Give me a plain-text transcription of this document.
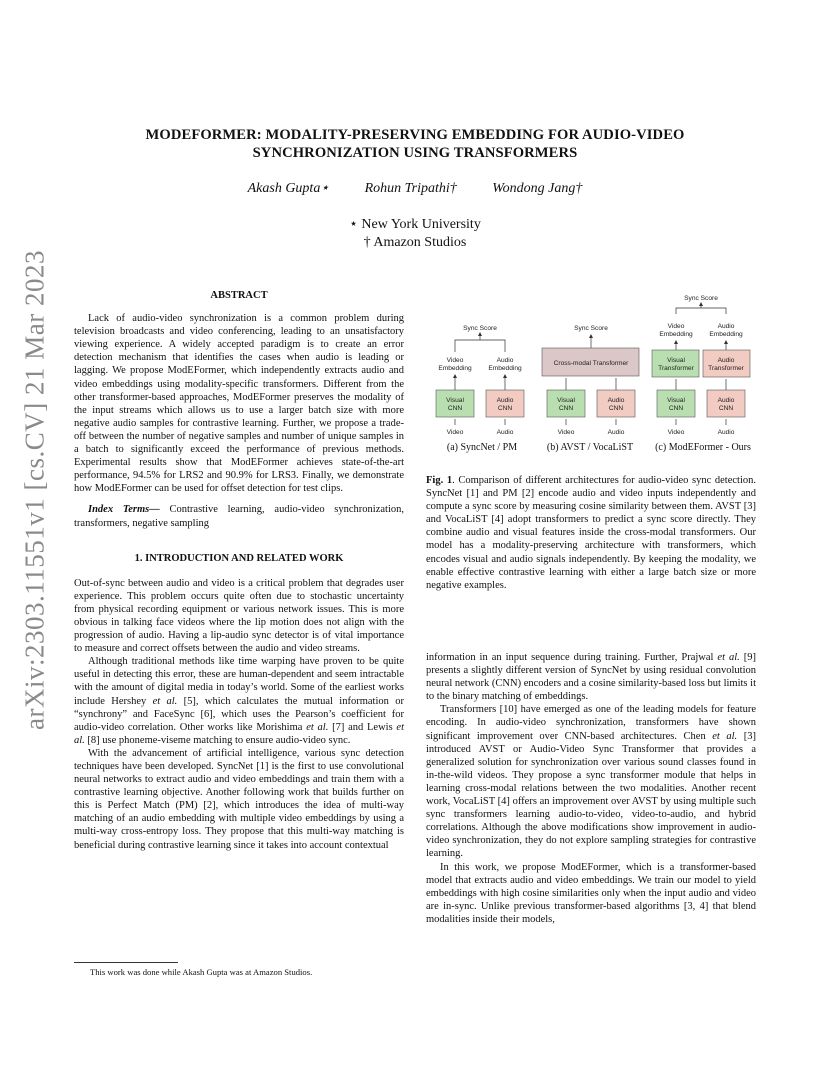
arXiv:2303.11551v1 [cs.CV] 21 Mar 2023
MODEFORMER: MODALITY-PRESERVING EMBEDDING FOR AUDIO-VIDEO
SYNCHRONIZATION USING TRANSFORMERS
Akash Gupta⋆	Rohun Tripathi†	Wondong Jang†
⋆ New York University
† Amazon Studios
ABSTRACT

Lack of audio-video synchronization is a common problem during television broadcasts and video conferencing, leading to an unsatisfactory viewing experience. A widely accepted paradigm is to create an error detection mechanism that identifies the cases when audio is leading or lagging. We propose ModEFormer, which independently extracts audio and video embeddings using modality-specific transformers. Different from the other transformer-based approaches, ModEFormer preserves the modality of the input streams which allows us to use a larger batch size with more negative audio samples for contrastive learning. Further, we propose a trade-off between the number of negative samples and number of unique samples in a batch to significantly exceed the performance of previous methods. Experimental results show that ModEFormer achieves state-of-the-art performance, 94.5% for LRS2 and 90.9% for LRS3. Finally, we demonstrate how ModEFormer can be used for offset detection for test clips.

Index Terms— Contrastive learning, audio-video synchronization, transformers, negative sampling

1. INTRODUCTION AND RELATED WORK

Out-of-sync between audio and video is a critical problem that degrades user experience. This problem occurs quite often due to stochastic uncertainty from physical recording equipment or various network issues. This is more obvious in talking face videos where the lip motion does not align with the progression of audio. Having a lip-audio sync detector is of vital importance to measure and correct offsets between the audio and video streams.

Although traditional methods like time warping have proven to be quite useful in detecting this error, these are human-dependent and seem intractable with the amount of digital media in today’s world. Some of the earliest works include Hershey et al. [5], which calculates the mutual information or “synchrony” and FaceSync [6], which uses the Pearson’s coefficient for audio-video correlation. Other works like Morishima et al. [7] and Lewis et al. [8] use phoneme-viseme matching to ensure audio-video sync.

With the advancement of artificial intelligence, various sync detection techniques have been developed. SyncNet [1] is the first to use convolutional neural networks to extract audio and video embeddings and train them with a contrastive learning objective. Another following work that builds further on this is Perfect Match (PM) [2], which introduces the idea of multi-way matching of an audio embedding with multiple video embeddings by using a multi-way cross-entropy loss. They propose that this multi-way matching is beneficial during contrastive learning since it takes into account contextual

This work was done while Akash Gupta was at Amazon Studios.
Sync Score
Video
Embedding
Audio
Embedding
Visual
CNN
Audio
CNN
Video	Audio
Sync Score
Cross-modal Transformer
Visual
CNN
Audio
CNN
Video	Audio
Sync Score
Video
Embedding
Audio
Embedding
Visual
Transformer
Audio
Transformer
Visual
CNN
Audio
CNN
Video	Audio
(a) SyncNet / PM	(b) AVST / VocaLiST	(c) ModEFormer - Ours
Fig. 1. Comparison of different architectures for audio-video sync detection. SyncNet [1] and PM [2] encode audio and video inputs independently and compute a sync score by measuring cosine similarity between them. AVST [3] and VocaLiST [4] adopt transformers to predict a sync score directly. They combine audio and visual features inside the cross-modal transformers. Our model has a modality-preserving architecture with transformers, which encodes visual and audio signals independently. By keeping the modality, we enable effective contrastive learning with either a large batch size or more negative examples.

information in an input sequence during training. Further, Prajwal et al. [9] presents a slightly different version of SyncNet by using residual convolution neural network (CNN) encoders and a cosine similarity-based loss but limits it to the binary matching of embeddings.

Transformers [10] have emerged as one of the leading models for feature encoding. In audio-video synchronization, transformers have shown significant improvement over CNN-based architectures. Chen et al. [3] introduced AVST or Audio-Video Sync Transformer that provides a generalized solution for synchronization over various sound classes found in in-the-wild videos. They propose a sync transformer module that helps in learning cross-modal relations between the two modalities. Another recent work, VocaLiST [4] offers an improvement over AVST by using multiple such sync transformers learning audio-to-video, video-to-audio, and hybrid correlations. Although the above modifications show improvement in audio-video synchronization, they do not explore sampling strategies for contrastive learning.

In this work, we propose ModEFormer, which is a transformer-based model that extracts audio and video embeddings. We train our model to yield embeddings with high cosine similarities only when the input audio and video are in-sync. Unlike previous transformer-based algorithms [3, 4] that blend modalities inside their models,
